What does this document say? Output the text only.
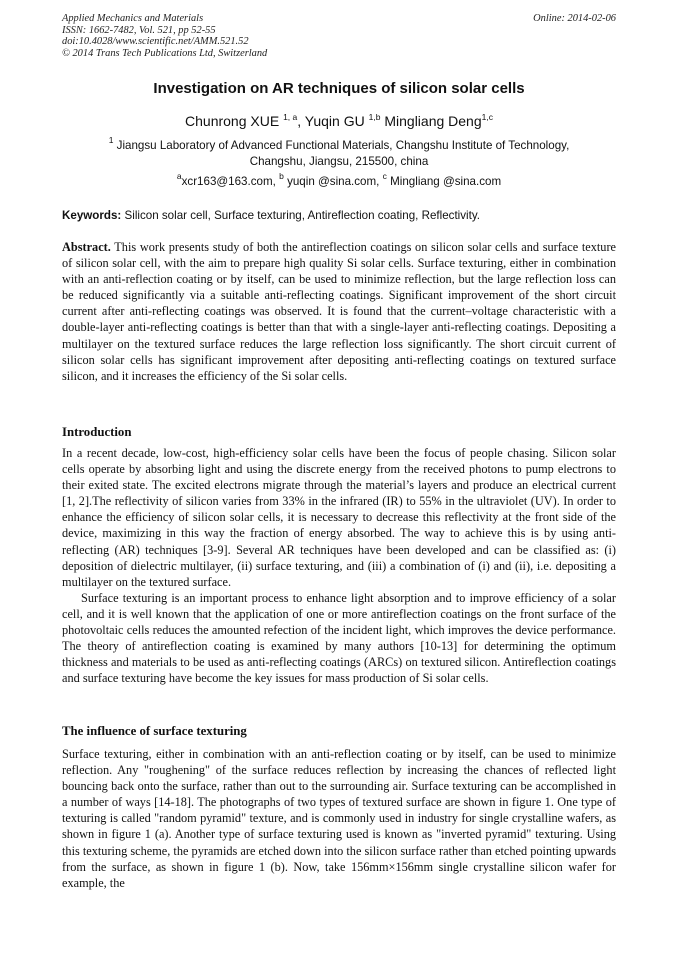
Applied Mechanics and Materials
ISSN: 1662-7482, Vol. 521, pp 52-55
doi:10.4028/www.scientific.net/AMM.521.52
© 2014 Trans Tech Publications Ltd, Switzerland
Online: 2014-02-06
Investigation on AR techniques of silicon solar cells
Chunrong XUE $^{1, a}$, Yuqin GU $^{1,b}$ Mingliang Deng$^{1,c}$
$^1$ Jiangsu Laboratory of Advanced Functional Materials, Changshu Institute of Technology,
Changshu, Jiangsu, 215500, china
$^a$xcr163@163.com, $^b$ yuqin @sina.com, $^c$ Mingliang @sina.com
Keywords: Silicon solar cell, Surface texturing, Antireflection coating, Reflectivity.
Abstract. This work presents study of both the antireflection coatings on silicon solar cells and surface texture of silicon solar cell, with the aim to prepare high quality Si solar cells. Surface texturing, either in combination with an anti-reflection coating or by itself, can be used to minimize reflection, but the large reflection loss can be reduced significantly via a suitable anti-reflecting coatings. Significant improvement of the short circuit current after anti-reflecting coatings was observed. It is found that the current–voltage characteristic with a double-layer anti-reflecting coatings is better than that with a single-layer anti-reflecting coatings. Depositing a multilayer on the textured surface reduces the large reflection loss significantly. The short circuit current of silicon solar cells has significant improvement after depositing anti-reflecting coatings on textured surface silicon, and it increases the efficiency of the Si solar cells.
Introduction

In a recent decade, low-cost, high-efficiency solar cells have been the focus of people chasing. Silicon solar cells operate by absorbing light and using the discrete energy from the received photons to pump electrons to their exited state. The excited electrons migrate through the material’s layers and produce an electrical current [1, 2].The reflectivity of silicon varies from 33% in the infrared (IR) to 55% in the ultraviolet (UV). In order to enhance the efficiency of silicon solar cells, it is necessary to decrease this reflectivity at the front side of the device, maximizing in this way the fraction of energy absorbed. The way to achieve this is by using anti-reflecting (AR) techniques [3-9]. Several AR techniques have been developed and can be classified as: (i) deposition of dielectric multilayer, (ii) surface texturing, and (iii) a combination of (i) and (ii), i.e. depositing a multilayer on the textured surface.

Surface texturing is an important process to enhance light absorption and to improve efficiency of a solar cell, and it is well known that the application of one or more antireflection coatings on the front surface of the photovoltaic cells reduces the amounted refection of the incident light, which improves the device performance. The theory of antireflection coating is examined by many authors [10-13] for determining the optimum thickness and materials to be used as anti-reflecting coatings (ARCs) on textured silicon. Antireflection coatings and surface texturing have become the key issues for mass production of Si solar cells.

The influence of surface texturing

Surface texturing, either in combination with an anti-reflection coating or by itself, can be used to minimize reflection. Any "roughening" of the surface reduces reflection by increasing the chances of reflected light bouncing back onto the surface, rather than out to the surrounding air. Surface texturing can be accomplished in a number of ways [14-18]. The photographs of two types of textured surface are shown in figure 1. One type of texturing is called "random pyramid" texture, and is commonly used in industry for single crystalline wafers, as shown in figure 1 (a). Another type of surface texturing used is known as "inverted pyramid" texturing. Using this texturing scheme, the pyramids are etched down into the silicon surface rather than etched pointing upwards from the surface, as shown in figure 1 (b). Now, take 156mm×156mm single crystalline silicon wafer for example, the
